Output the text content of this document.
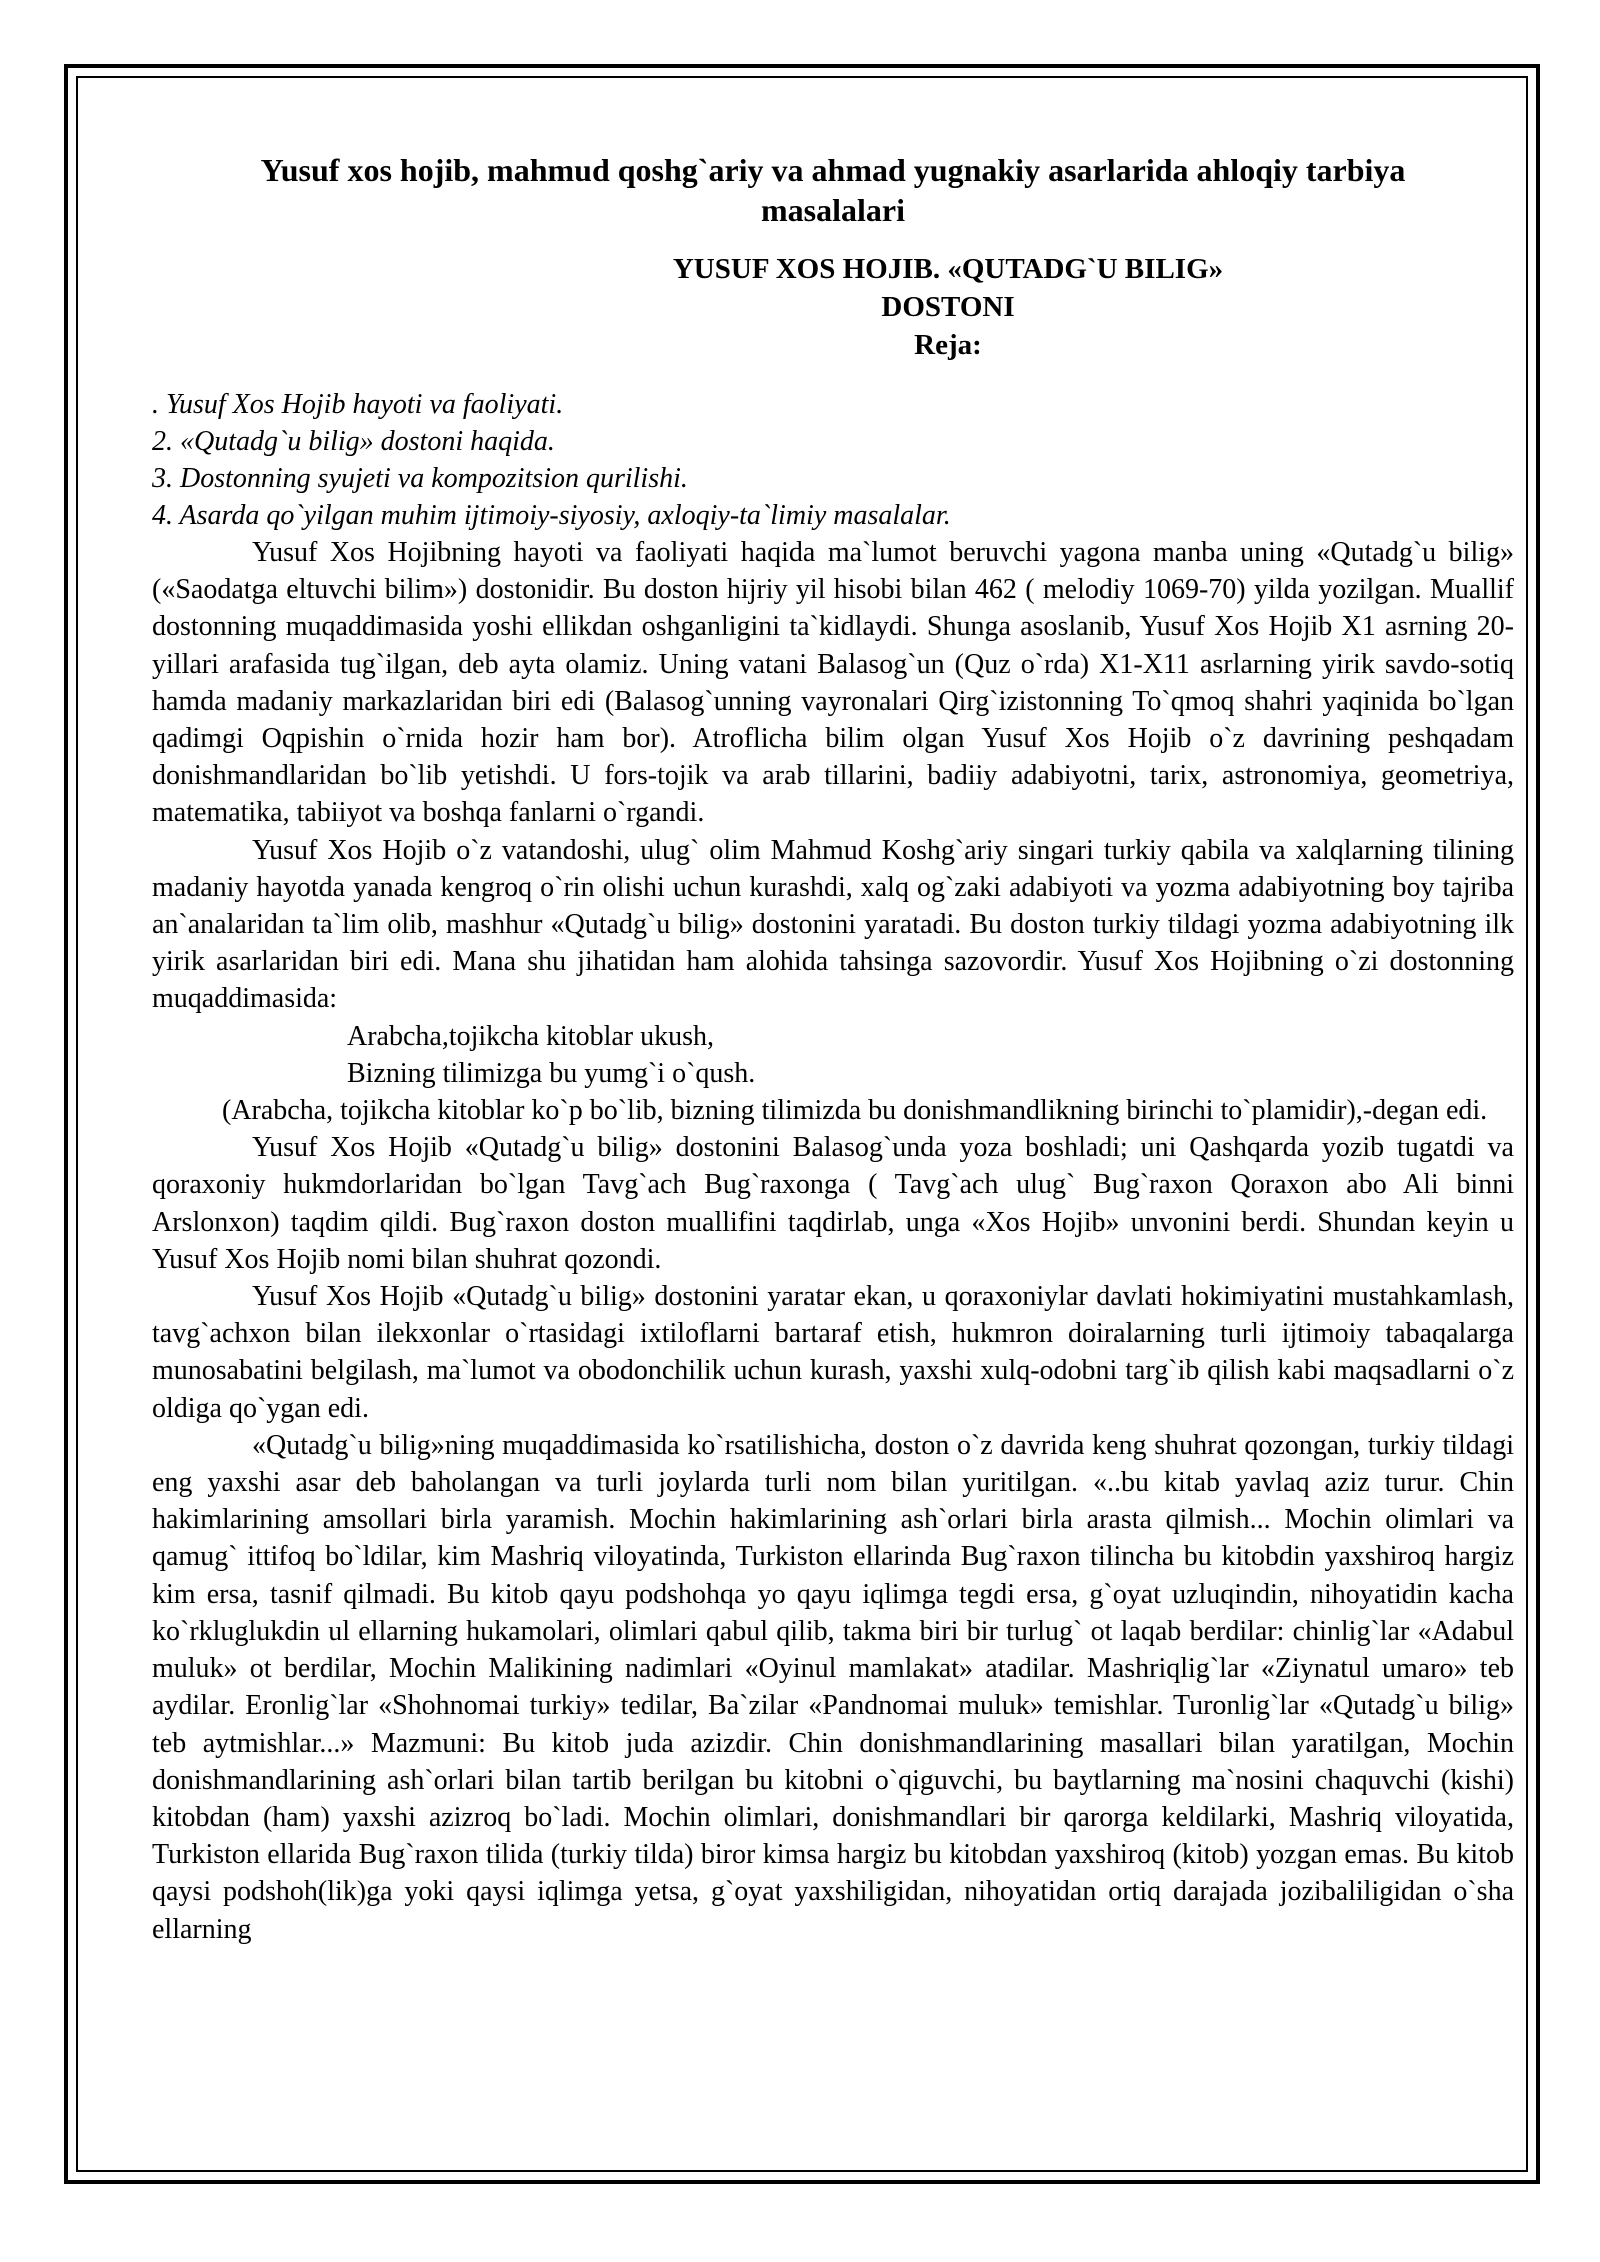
Yusuf xos hojib, mahmud qoshg`ariy va ahmad yugnakiy asarlarida ahloqiy tarbiya masalalari
YUSUF XOS HOJIB. «QUTADG`U BILIG»
DOSTONI
Reja:
. Yusuf Xos Hojib hayoti va faoliyati.
2. «Qutadg`u bilig» dostoni haqida.
3. Dostonning syujeti va kompozitsion qurilishi.
4. Asarda qo`yilgan muhim ijtimoiy-siyosiy, axloqiy-ta`limiy masalalar.

Yusuf Xos Hojibning hayoti va faoliyati haqida ma`lumot beruvchi yagona manba uning «Qutadg`u bilig» («Saodatga eltuvchi bilim») dostonidir. Bu doston hijriy yil hisobi bilan 462 ( melodiy 1069-70) yilda yozilgan. Muallif dostonning muqaddimasida yoshi ellikdan oshganligini ta`kidlaydi. Shunga asoslanib, Yusuf Xos Hojib X1 asrning 20-yillari arafasida tug`ilgan, deb ayta olamiz. Uning vatani Balasog`un (Quz o`rda) X1-X11 asrlarning yirik savdo-sotiq hamda madaniy markazlaridan biri edi (Balasog`unning vayronalari Qirg`izistonning To`qmoq shahri yaqinida bo`lgan qadimgi Oqpishin o`rnida hozir ham bor). Atroflicha bilim olgan Yusuf Xos Hojib o`z davrining peshqadam donishmandlaridan bo`lib yetishdi. U fors-tojik va arab tillarini, badiiy adabiyotni, tarix, astronomiya, geometriya, matematika, tabiiyot va boshqa fanlarni o`rgandi.

Yusuf Xos Hojib o`z vatandoshi, ulug` olim Mahmud Koshg`ariy singari turkiy qabila va xalqlarning tilining madaniy hayotda yanada kengroq o`rin olishi uchun kurashdi, xalq og`zaki adabiyoti va yozma adabiyotning boy tajriba an`analaridan ta`lim olib, mashhur «Qutadg`u bilig» dostonini yaratadi. Bu doston turkiy tildagi yozma adabiyotning ilk yirik asarlaridan biri edi. Mana shu jihatidan ham alohida tahsinga sazovordir. Yusuf Xos Hojibning o`zi dostonning muqaddimasida:

Arabcha,tojikcha kitoblar ukush,
Bizning tilimizga bu yumg`i o`qush.

(Arabcha, tojikcha kitoblar ko`p bo`lib, bizning tilimizda bu donishmandlikning birinchi to`plamidir),-degan edi.

Yusuf Xos Hojib «Qutadg`u bilig» dostonini Balasog`unda yoza boshladi; uni Qashqarda yozib tugatdi va qoraxoniy hukmdorlaridan bo`lgan Tavg`ach Bug`raxonga ( Tavg`ach ulug` Bug`raxon Qoraxon abo Ali binni Arslonxon) taqdim qildi. Bug`raxon doston muallifini taqdirlab, unga «Xos Hojib» unvonini berdi. Shundan keyin u Yusuf Xos Hojib nomi bilan shuhrat qozondi.

Yusuf Xos Hojib «Qutadg`u bilig» dostonini yaratar ekan, u qoraxoniylar davlati hokimiyatini mustahkamlash, tavg`achxon bilan ilekxonlar o`rtasidagi ixtiloflarni bartaraf etish, hukmron doiralarning turli ijtimoiy tabaqalarga munosabatini belgilash, ma`lumot va obodonchilik uchun kurash, yaxshi xulq-odobni targ`ib qilish kabi maqsadlarni o`z oldiga qo`ygan edi.

«Qutadg`u bilig»ning muqaddimasida ko`rsatilishicha, doston o`z davrida keng shuhrat qozongan, turkiy tildagi eng yaxshi asar deb baholangan va turli joylarda turli nom bilan yuritilgan. «..bu kitab yavlaq aziz turur. Chin hakimlarining amsollari birla yaramish. Mochin hakimlarining ash`orlari birla arasta qilmish... Mochin olimlari va qamug` ittifoq bo`ldilar, kim Mashriq viloyatinda, Turkiston ellarinda Bug`raxon tilincha bu kitobdin yaxshiroq hargiz kim ersa, tasnif qilmadi. Bu kitob qayu podshohqa yo qayu iqlimga tegdi ersa, g`oyat uzluqindin, nihoyatidin kacha ko`rkluglukdin ul ellarning hukamolari, olimlari qabul qilib, takma biri bir turlug` ot laqab berdilar: chinlig`lar «Adabul muluk» ot berdilar, Mochin Malikining nadimlari «Oyinul mamlakat» atadilar. Mashriqlig`lar «Ziynatul umaro» teb aydilar. Eronlig`lar «Shohnomai turkiy» tedilar, Ba`zilar «Pandnomai muluk» temishlar. Turonlig`lar «Qutadg`u bilig» teb aytmishlar...» Mazmuni: Bu kitob juda azizdir. Chin donishmandlarining masallari bilan yaratilgan, Mochin donishmandlarining ash`orlari bilan tartib berilgan bu kitobni o`qiguvchi, bu baytlarning ma`nosini chaquvchi (kishi) kitobdan (ham) yaxshi azizroq bo`ladi. Mochin olimlari, donishmandlari bir qarorga keldilarki, Mashriq viloyatida, Turkiston ellarida Bug`raxon tilida (turkiy tilda) biror kimsa hargiz bu kitobdan yaxshiroq (kitob) yozgan emas. Bu kitob qaysi podshoh(lik)ga yoki qaysi iqlimga yetsa, g`oyat yaxshiligidan, nihoyatidan ortiq darajada jozibaliligidan o`sha ellarning
